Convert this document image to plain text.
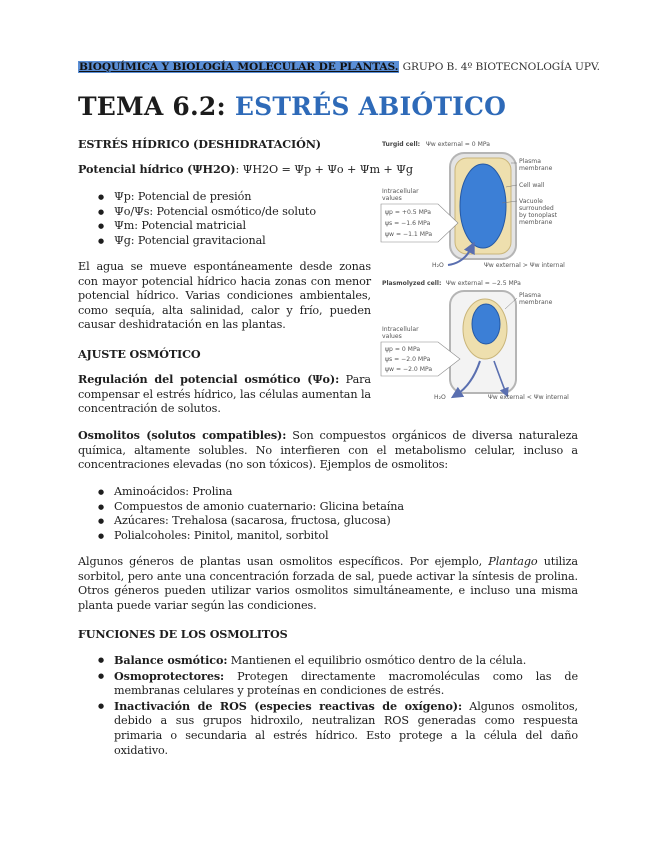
BIOQUÍMICA Y BIOLOGÍA MOLECULAR DE PLANTAS. GRUPO B. 4º BIOTECNOLOGÍA UPV.
TEMA 6.2: ESTRÉS ABIÓTICO
ESTRÉS HÍDRICO (DESHIDRATACIÓN)
Potencial hídrico (ΨH2O): ΨH2O = Ψp + Ψo + Ψm + Ψg
● Ψp: Potencial de presión
● Ψo/Ψs: Potencial osmótico/de soluto
● Ψm: Potencial matricial
● Ψg: Potencial gravitacional
El agua se mueve espontáneamente desde zonas con mayor potencial hídrico hacia zonas con menor potencial hídrico. Varias condiciones ambientales, como sequía, alta salinidad, calor y frío, pueden causar deshidratación en las plantas.
AJUSTE OSMÓTICO
Regulación del potencial osmótico (Ψo): Para compensar el estrés hídrico, las células aumentan la concentración de solutos.
Osmolitos (solutos compatibles): Son compuestos orgánicos de diversa naturaleza química, altamente solubles. No interfieren con el metabolismo celular, incluso a concentraciones elevadas (no son tóxicos). Ejemplos de osmolitos:
● Aminoácidos: Prolina
● Compuestos de amonio cuaternario: Glicina betaína
● Azúcares: Trehalosa (sacarosa, fructosa, glucosa)
● Polialcoholes: Pinitol, manitol, sorbitol
Algunos géneros de plantas usan osmolitos específicos. Por ejemplo, Plantago utiliza sorbitol, pero ante una concentración forzada de sal, puede activar la síntesis de prolina. Otros géneros pueden utilizar varios osmolitos simultáneamente, e incluso una misma planta puede variar según las condiciones.
FUNCIONES DE LOS OSMOLITOS
● Balance osmótico: Mantienen el equilibrio osmótico dentro de la célula.
● Osmoprotectores: Protegen directamente macromoléculas como las de membranas celulares y proteínas en condiciones de estrés.
● Inactivación de ROS (especies reactivas de oxígeno): Algunos osmolitos, debido a sus grupos hidroxilo, neutralizan ROS generadas como respuesta primaria o secundaria al estrés hídrico. Esto protege a la célula del daño oxidativo.
Turgid cell: Ψw external = 0 MPa
Plasma
membrane
Cell wall
Vacuole
surrounded
by tonoplast
membrane
Intracellular
values
ψp = +0.5 MPa
ψs = −1.6 MPa
ψw = −1.1 MPa
H₂O	Ψw external > Ψw internal
Plasmolyzed cell: Ψw external = −2.5 MPa
Plasma
membrane
Intracellular
values
ψp = 0 MPa
ψs = −2.0 MPa
ψw = −2.0 MPa
H₂O	Ψw external < Ψw internal
